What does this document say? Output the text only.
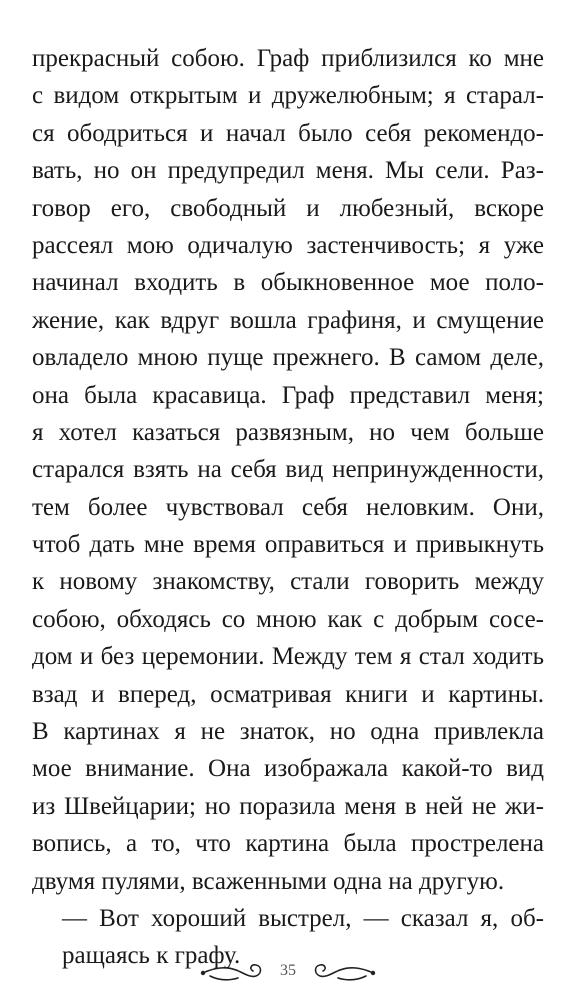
прекрасный собою. Граф приблизился ко мне
с видом открытым и дружелюбным; я старал-
ся ободриться и начал было себя рекомендо-
вать, но он предупредил меня. Мы сели. Раз-
говор его, свободный и любезный, вскоре
рассеял мою одичалую застенчивость; я уже
начинал входить в обыкновенное мое поло-
жение, как вдруг вошла графиня, и смущение
овладело мною пуще прежнего. В самом деле,
она была красавица. Граф представил меня;
я хотел казаться развязным, но чем больше
старался взять на себя вид непринужденности,
тем более чувствовал себя неловким. Они,
чтоб дать мне время оправиться и привыкнуть
к новому знакомству, стали говорить между
собою, обходясь со мною как с добрым сосе-
дом и без церемонии. Между тем я стал ходить
взад и вперед, осматривая книги и картины.
В картинах я не знаток, но одна привлекла
мое внимание. Она изображала какой-то вид
из Швейцарии; но поразила меня в ней не жи-
вопись, а то, что картина была прострелена
двумя пулями, всаженными одна на другую.
— Вот хороший выстрел, — сказал я, об-
ращаясь к графу.
35
